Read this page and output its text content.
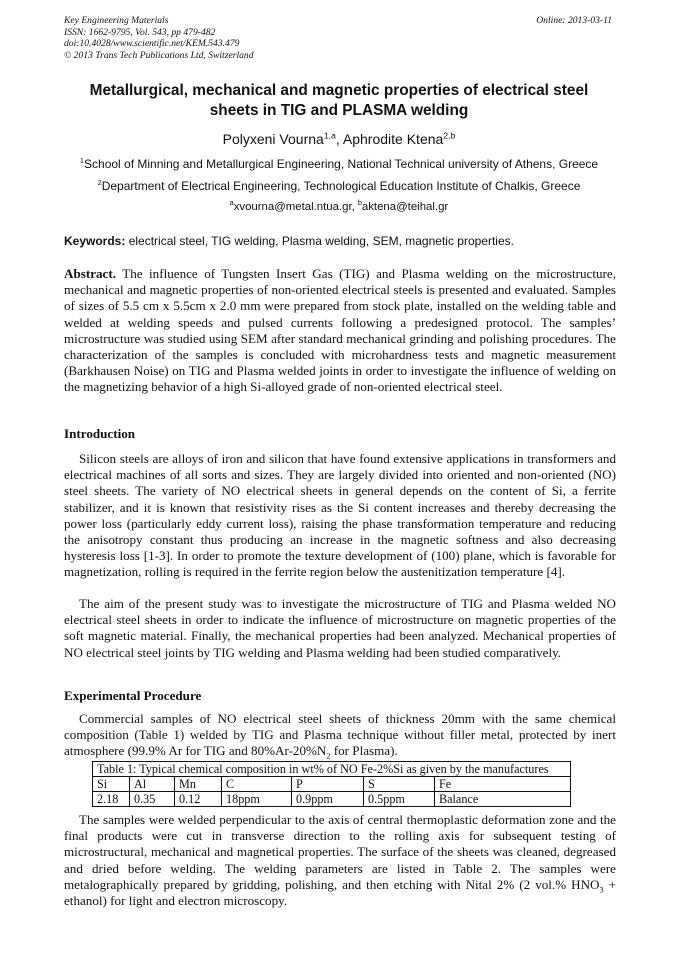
Key Engineering Materials
ISSN: 1662-9795, Vol. 543, pp 479-482
doi:10.4028/www.scientific.net/KEM.543.479
© 2013 Trans Tech Publications Ltd, Switzerland
Online: 2013-03-11
Metallurgical, mechanical and magnetic properties of electrical steel
sheets in TIG and PLASMA welding
Polyxeni Vourna$^{1,a}$, Aphrodite Ktena$^{2,b}$
$^1$School of Minning and Metallurgical Engineering, National Technical university of Athens, Greece
$^2$Department of Electrical Engineering, Technological Education Institute of Chalkis, Greece
$^a$xvourna@metal.ntua.gr, $^b$aktena@teihal.gr
Keywords: electrical steel, TIG welding, Plasma welding, SEM, magnetic properties.
Abstract. The influence of Tungsten Insert Gas (TIG) and Plasma welding on the microstructure, mechanical and magnetic properties of non-oriented electrical steels is presented and evaluated. Samples of sizes of 5.5 cm x 5.5cm x 2.0 mm were prepared from stock plate, installed on the welding table and welded at welding speeds and pulsed currents following a predesigned protocol. The samples’ microstructure was studied using SEM after standard mechanical grinding and polishing procedures. The characterization of the samples is concluded with microhardness tests and magnetic measurement (Barkhausen Noise) on TIG and Plasma welded joints in order to investigate the influence of welding on the magnetizing behavior of a high Si-alloyed grade of non-oriented electrical steel.
Introduction
Silicon steels are alloys of iron and silicon that have found extensive applications in transformers and electrical machines of all sorts and sizes. They are largely divided into oriented and non-oriented (NO) steel sheets. The variety of NO electrical sheets in general depends on the content of Si, a ferrite stabilizer, and it is known that resistivity rises as the Si content increases and thereby decreasing the power loss (particularly eddy current loss), raising the phase transformation temperature and reducing the anisotropy constant thus producing an increase in the magnetic softness and also decreasing hysteresis loss [1-3]. In order to promote the texture development of (100) plane, which is favorable for magnetization, rolling is required in the ferrite region below the austenitization temperature [4].
The aim of the present study was to investigate the microstructure of TIG and Plasma welded NO electrical steel sheets in order to indicate the influence of microstructure on magnetic properties of the soft magnetic material. Finally, the mechanical properties had been analyzed. Mechanical properties of NO electrical steel joints by TIG welding and Plasma welding had been studied comparatively.
Experimental Procedure
Commercial samples of NO electrical steel sheets of thickness 20mm with the same chemical composition (Table 1) welded by TIG and Plasma technique without filler metal, protected by inert atmosphere (99.9% Ar for TIG and $80\%Ar-20\%N_2$ for Plasma).
Table 1: Typical chemical composition in wt% of NO Fe-2%Si as given by the manufactures						
Si	Al	Mn	C	P	S	Fe
2.18	0.35	0.12	18ppm	0.9ppm	0.5ppm	Balance
The samples were welded perpendicular to the axis of central thermoplastic deformation zone and the final products were cut in transverse direction to the rolling axis for subsequent testing of microstructural, mechanical and magnetical properties. The surface of the sheets was cleaned, degreased and dried before welding. The welding parameters are listed in Table 2. The samples were metalographically prepared by gridding, polishing, and then etching with Nital 2% (2 vol.% $HNO_3$ + ethanol) for light and electron microscopy.
